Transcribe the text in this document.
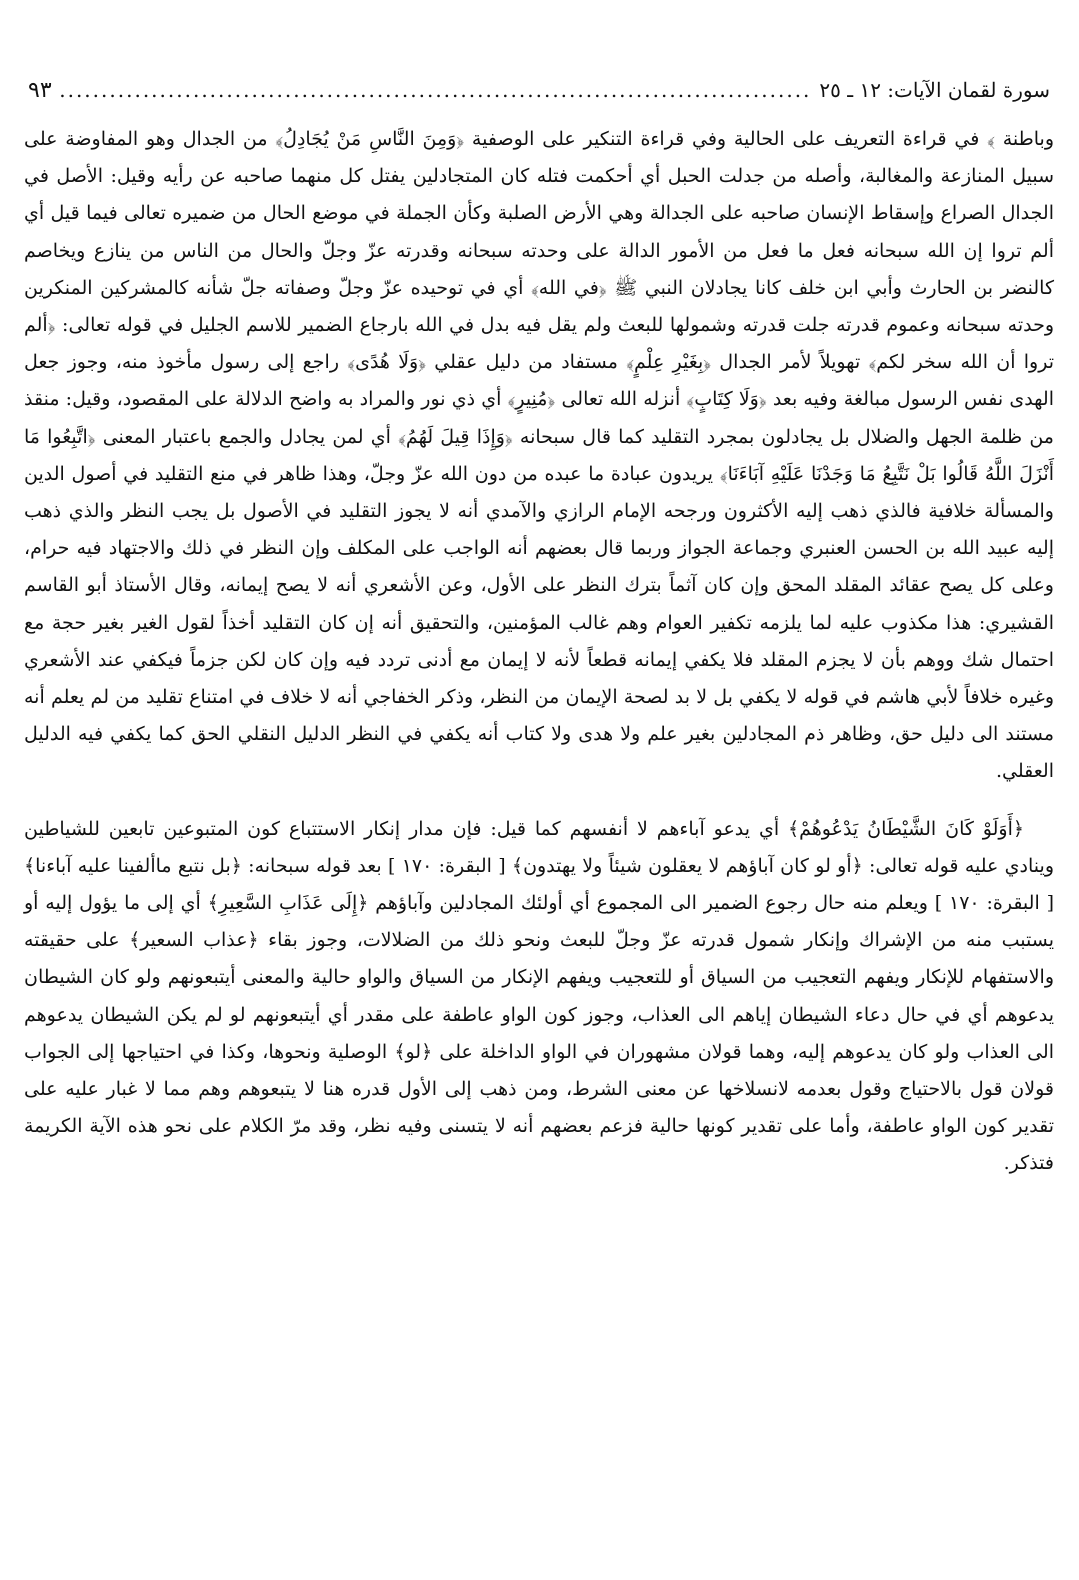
سورة لقمان الآيات: ١٢ ـ ٢٥
.....
٩٣

وباطنة ﴾ في قراءة التعريف على الحالية وفي قراءة التنكير على الوصفية ﴿وَمِنَ النَّاسِ مَنْ يُجَادِلُ﴾ من الجدال وهو المفاوضة على سبيل المنازعة والمغالبة، وأصله من جدلت الحبل أي أحكمت فتله كان المتجادلين يفتل كل منهما صاحبه عن رأيه وقيل: الأصل في الجدال الصراع وإسقاط الإنسان صاحبه على الجدالة وهي الأرض الصلبة وكأن الجملة في موضع الحال من ضميره تعالى فيما قيل أي ألم تروا إن الله سبحانه فعل ما فعل من الأمور الدالة على وحدته سبحانه وقدرته عزّ وجلّ والحال من الناس من ينازع ويخاصم كالنضر بن الحارث وأبي ابن خلف كانا يجادلان النبي ﷺ ﴿في الله﴾ أي في توحيده عزّ وجلّ وصفاته جلّ شأنه كالمشركين المنكرين وحدته سبحانه وعموم قدرته جلت قدرته وشمولها للبعث ولم يقل فيه بدل في الله بارجاع الضمير للاسم الجليل في قوله تعالى: ﴿ألم تروا أن الله سخر لكم﴾ تهويلاً لأمر الجدال ﴿بِغَيْرِ عِلْمٍ﴾ مستفاد من دليل عقلي ﴿وَلَا هُدًى﴾ راجع إلى رسول مأخوذ منه، وجوز جعل الهدى نفس الرسول مبالغة وفيه بعد ﴿وَلَا كِتَابٍ﴾ أنزله الله تعالى ﴿مُنِيرٍ﴾ أي ذي نور والمراد به واضح الدلالة على المقصود، وقيل: منقذ من ظلمة الجهل والضلال بل يجادلون بمجرد التقليد كما قال سبحانه ﴿وَإِذَا قِيلَ لَهُمُ﴾ أي لمن يجادل والجمع باعتبار المعنى ﴿اتَّبِعُوا مَا أَنْزَلَ اللَّهُ قَالُوا بَلْ نَتَّبِعُ مَا وَجَدْنَا عَلَيْهِ آبَاءَنَا﴾ يريدون عبادة ما عبده من دون الله عزّ وجلّ، وهذا ظاهر في منع التقليد في أصول الدين والمسألة خلافية فالذي ذهب إليه الأكثرون ورجحه الإمام الرازي والآمدي أنه لا يجوز التقليد في الأصول بل يجب النظر والذي ذهب إليه عبيد الله بن الحسن العنبري وجماعة الجواز وربما قال بعضهم أنه الواجب على المكلف وإن النظر في ذلك والاجتهاد فيه حرام، وعلى كل يصح عقائد المقلد المحق وإن كان آثماً بترك النظر على الأول، وعن الأشعري أنه لا يصح إيمانه، وقال الأستاذ أبو القاسم القشيري: هذا مكذوب عليه لما يلزمه تكفير العوام وهم غالب المؤمنين، والتحقيق أنه إن كان التقليد أخذاً لقول الغير بغير حجة مع احتمال شك ووهم بأن لا يجزم المقلد فلا يكفي إيمانه قطعاً لأنه لا إيمان مع أدنى تردد فيه وإن كان لكن جزماً فيكفي عند الأشعري وغيره خلافاً لأبي هاشم في قوله لا يكفي بل لا بد لصحة الإيمان من النظر، وذكر الخفاجي أنه لا خلاف في امتناع تقليد من لم يعلم أنه مستند الى دليل حق، وظاهر ذم المجادلين بغير علم ولا هدى ولا كتاب أنه يكفي في النظر الدليل النقلي الحق كما يكفي فيه الدليل العقلي.

﴿أَوَلَوْ كَانَ الشَّيْطَانُ يَدْعُوهُمْ﴾ أي يدعو آباءهم لا أنفسهم كما قيل: فإن مدار إنكار الاستتباع كون المتبوعين تابعين للشياطين وينادي عليه قوله تعالى: ﴿أو لو كان آباؤهم لا يعقلون شيئاً ولا يهتدون﴾ [ البقرة: ١٧٠ ] بعد قوله سبحانه: ﴿بل نتبع ماألفينا عليه آباءنا﴾ [ البقرة: ١٧٠ ] ويعلم منه حال رجوع الضمير الى المجموع أي أولئك المجادلين وآباؤهم ﴿إِلَى عَذَابِ السَّعِيرِ﴾ أي إلى ما يؤول إليه أو يستبب منه من الإشراك وإنكار شمول قدرته عزّ وجلّ للبعث ونحو ذلك من الضلالات، وجوز بقاء ﴿عذاب السعير﴾ على حقيقته والاستفهام للإنكار ويفهم التعجيب من السياق أو للتعجيب ويفهم الإنكار من السياق والواو حالية والمعنى أيتبعونهم ولو كان الشيطان يدعوهم أي في حال دعاء الشيطان إياهم الى العذاب، وجوز كون الواو عاطفة على مقدر أي أيتبعونهم لو لم يكن الشيطان يدعوهم الى العذاب ولو كان يدعوهم إليه، وهما قولان مشهوران في الواو الداخلة على ﴿لو﴾ الوصلية ونحوها، وكذا في احتياجها إلى الجواب قولان قول بالاحتياج وقول بعدمه لانسلاخها عن معنى الشرط، ومن ذهب إلى الأول قدره هنا لا يتبعوهم وهم مما لا غبار عليه على تقدير كون الواو عاطفة، وأما على تقدير كونها حالية فزعم بعضهم أنه لا يتسنى وفيه نظر، وقد مرّ الكلام على نحو هذه الآية الكريمة فتذكر.
